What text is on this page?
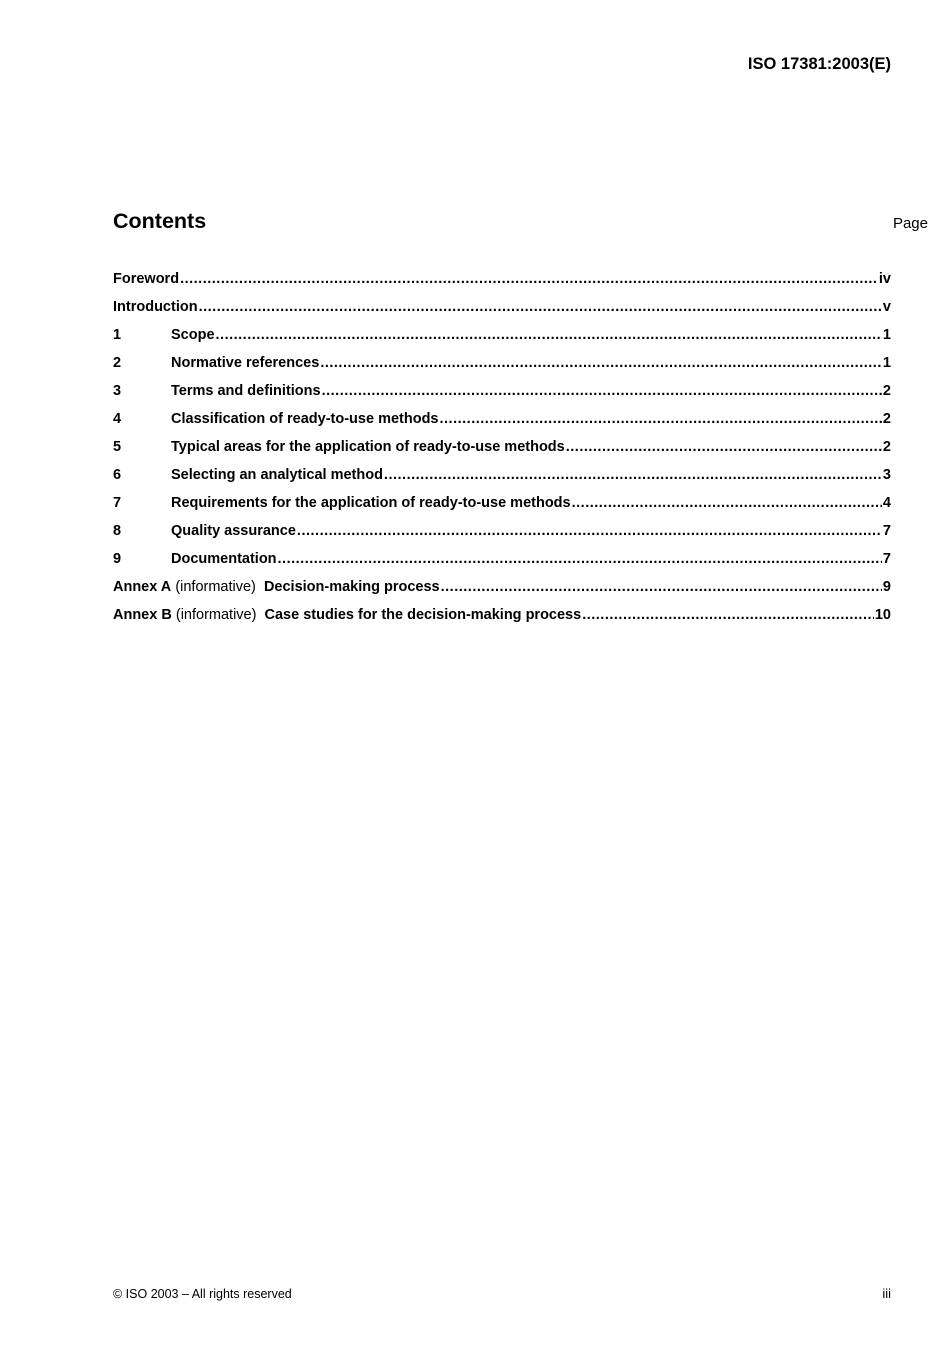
ISO 17381:2003(E)
Contents	Page
Foreword .....	iv
Introduction .....	v
1	Scope .....	1
2	Normative references .....	1
3	Terms and definitions .....	2
4	Classification of ready-to-use methods .....	2
5	Typical areas for the application of ready-to-use methods .....	2
6	Selecting an analytical method .....	3
7	Requirements for the application of ready-to-use methods .....	4
8	Quality assurance .....	7
9	Documentation .....	7
Annex A (informative) Decision-making process .....	9
Annex B (informative) Case studies for the decision-making process .....	10
© ISO 2003 – All rights reserved	iii
